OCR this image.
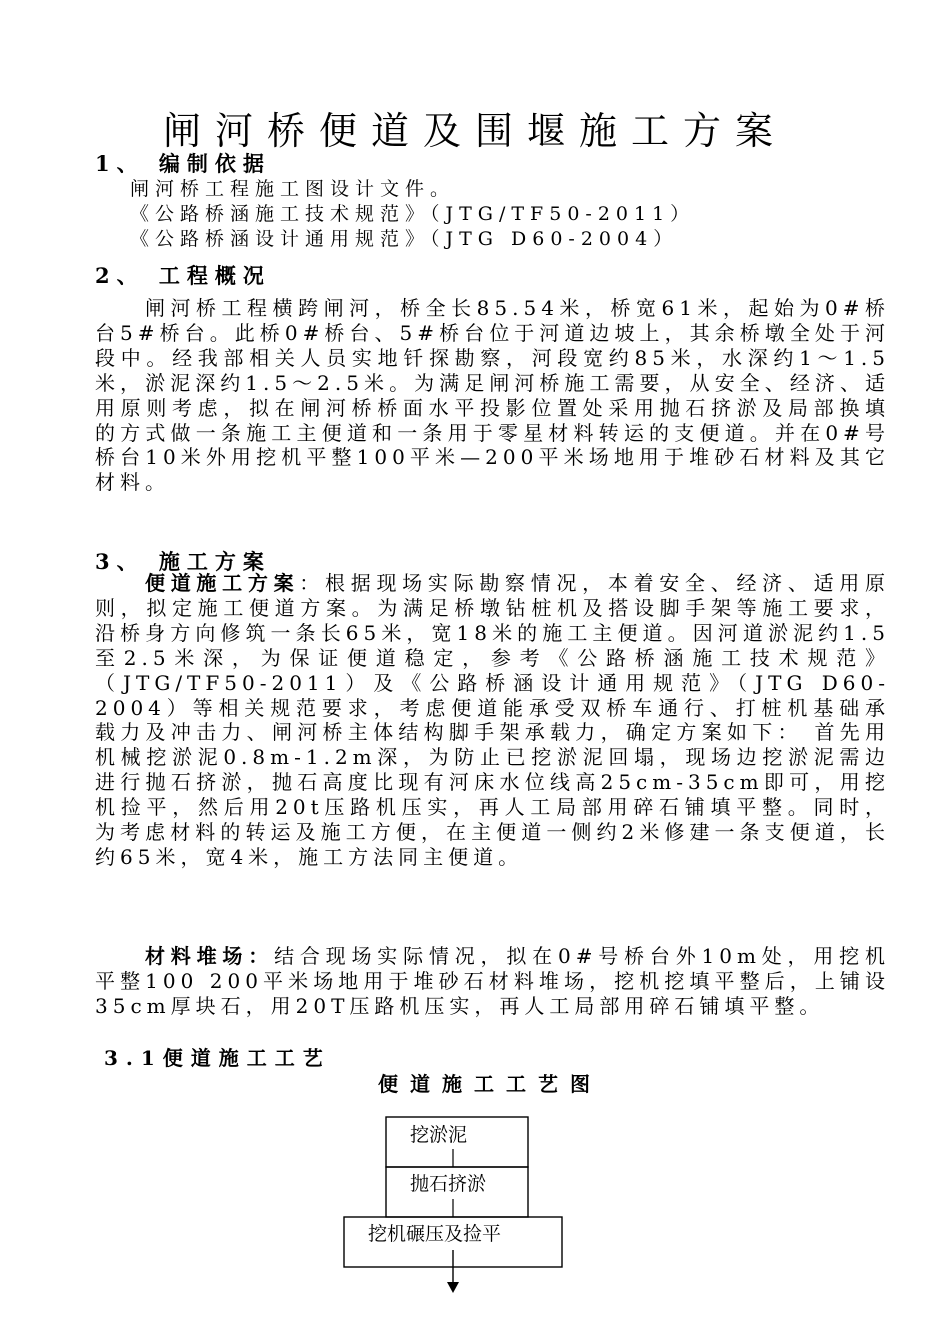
闸河桥便道及围堰施工方案
1、 编制依据
闸河桥工程施工图设计文件。
《公路桥涵施工技术规范》（JTG/TF50-2011）
《公路桥涵设计通用规范》（JTG D60-2004）
2、 工程概况
闸河桥工程横跨闸河，桥全长85.54米，桥宽61米，起始为0#桥台5#桥台。此桥0#桥台、5#桥台位于河道边坡上，其余桥墩全处于河段中。经我部相关人员实地钎探勘察，河段宽约85米，水深约1～1.5米，淤泥深约1.5～2.5米。为满足闸河桥施工需要，从安全、经济、适用原则考虑，拟在闸河桥桥面水平投影位置处采用抛石挤淤及局部换填的方式做一条施工主便道和一条用于零星材料转运的支便道。并在0#号桥台10米外用挖机平整100平米—200平米场地用于堆砂石材料及其它材料。
3、 施工方案
便道施工方案：根据现场实际勘察情况，本着安全、经济、适用原则，拟定施工便道方案。为满足桥墩钻桩机及搭设脚手架等施工要求，沿桥身方向修筑一条长65米，宽18米的施工主便道。因河道淤泥约1.5至2.5米深，为保证便道稳定，参考《公路桥涵施工技术规范》（JTG/TF50-2011）及《公路桥涵设计通用规范》（JTG D60-2004）等相关规范要求，考虑便道能承受双桥车通行、打桩机基础承载力及冲击力、闸河桥主体结构脚手架承载力，确定方案如下： 首先用机械挖淤泥0.8m-1.2m深，为防止已挖淤泥回塌，现场边挖淤泥需边进行抛石挤淤，抛石高度比现有河床水位线高25cm-35cm即可，用挖机捡平，然后用20t压路机压实，再人工局部用碎石铺填平整。同时，为考虑材料的转运及施工方便，在主便道一侧约2米修建一条支便道，长约65米，宽4米，施工方法同主便道。
材料堆场：结合现场实际情况，拟在0#号桥台外10m处，用挖机平整100 200平米场地用于堆砂石材料堆场，挖机挖填平整后，上铺设35cm厚块石，用20T压路机压实，再人工局部用碎石铺填平整。
3.1便道施工工艺
便道施工工艺图
挖淤泥
抛石挤淤
挖机碾压及捡平
